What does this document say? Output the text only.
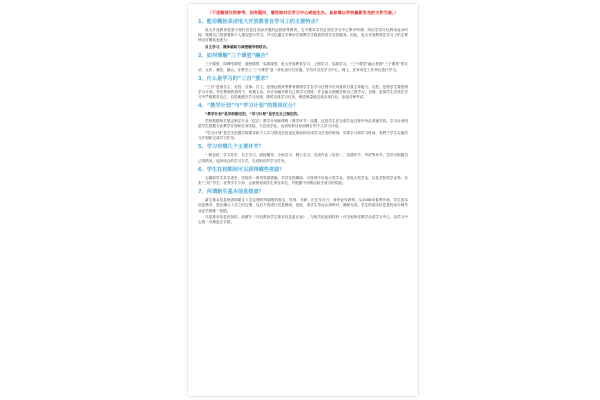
（下述解答仅供参考，如有疑问，请咨询对应学习中心或招生办。具体请以学校最新发布的文件为准。）
1、能否概括表述电大开放教育在学习上的主要特点？
电大开放教育是基于现代信息技术而开展的远程高等教育。它不要求学员必须在学习中心集中听课，所以学员可以利用业余时间，按照自己的需要和个人情况进行学习，并可以通过多种形式和教学手段获得导学支持服务。因此，电大开放教育在学习上的主要特点可概括表述为：
自主学习、媒体辅助与面授辅导相结合。
2、如何理解“三个课堂”融合？
三个课堂，即网络课堂、面授课堂、实践课堂。电大开放教育学习，上网学习、实践学习。“三个课堂”融合是指“三个课堂”的互动、互补、兼容、融合，在教学上“三个课堂”是一体化设计共实施。学员可以在学习中心、网上、在家或在工作单位进行学习。
3、什么是学习的“三自”要求？
“三自”是指自主、自控、自律。自主，是指远程高等教育情境学生在学习过程中应具备的自我主导能力；自控，是指学生要按照学习计划，并在教师的指导下，积极主动、有计划地安排自己的学习进度，并且能合理地安排自己的学习；自律，是指学生应该在学习中严格要求自己，自觉地遵守学习纪律，按时完成学习任务，保质保量地完成各项作业，参加各种考试。
4、“教学计划”与“学习计划”的简单区分？
“教学计划”是学校制定的，“学习计划”是学生自己制定的。
学校根据相关规定制定专业（层次）教学计划和课程（教学环节）设置，这是学生在完成学业过程中所必须遵守的。学习计划则是学生根据专业教学计划和自身实际，为完成学业、达到培养目标而制订的个人学习计划。
“学习计划”是学生依据学校要求和个人学习情况自觉设定的如何完成学习任务的规划，安排学习和学习时间，有利于学生实施学习计划和完成学习任务。
5、学习有哪几个主要环节？
一般包括：学习导学、自主学习、面授辅导、小组学习、网上学习、完成作业（实验）、实践环节、考试等环节。学员可根据自己的情况，选择适合的学习方式，完成相应的学习任务。
6、学生在校期间可以获得哪些奖励？
为激励学生求学进步，学校有一系列奖励措施。学员在校期间，可获得中央电大奖学金，省电大奖学金，以及学院奖学金等。各类“三好”学生、优秀学生干部，会被推荐到学生所在单位，并根据不同情况给予适当的奖励。
7、何谓新生基本信息核查？
新生基本信息核查即新生入学注册时所填报的姓名、性别、年龄、出生年月日、身份证号码等。从2008年春季开始，学生基本信息核对，需正确与入学之时注册，以后不再进行信息修改，因此，请学生务必认真核对，确保无误。学生的基本信息是将来办理毕业证书的唯一依据。
凡是基本信息有误的，请填写《开放教育学生基本信息更正表》，与相关的证明材料一并交到所在教学点或学习中心，由学习中心统一办理更正手续。
